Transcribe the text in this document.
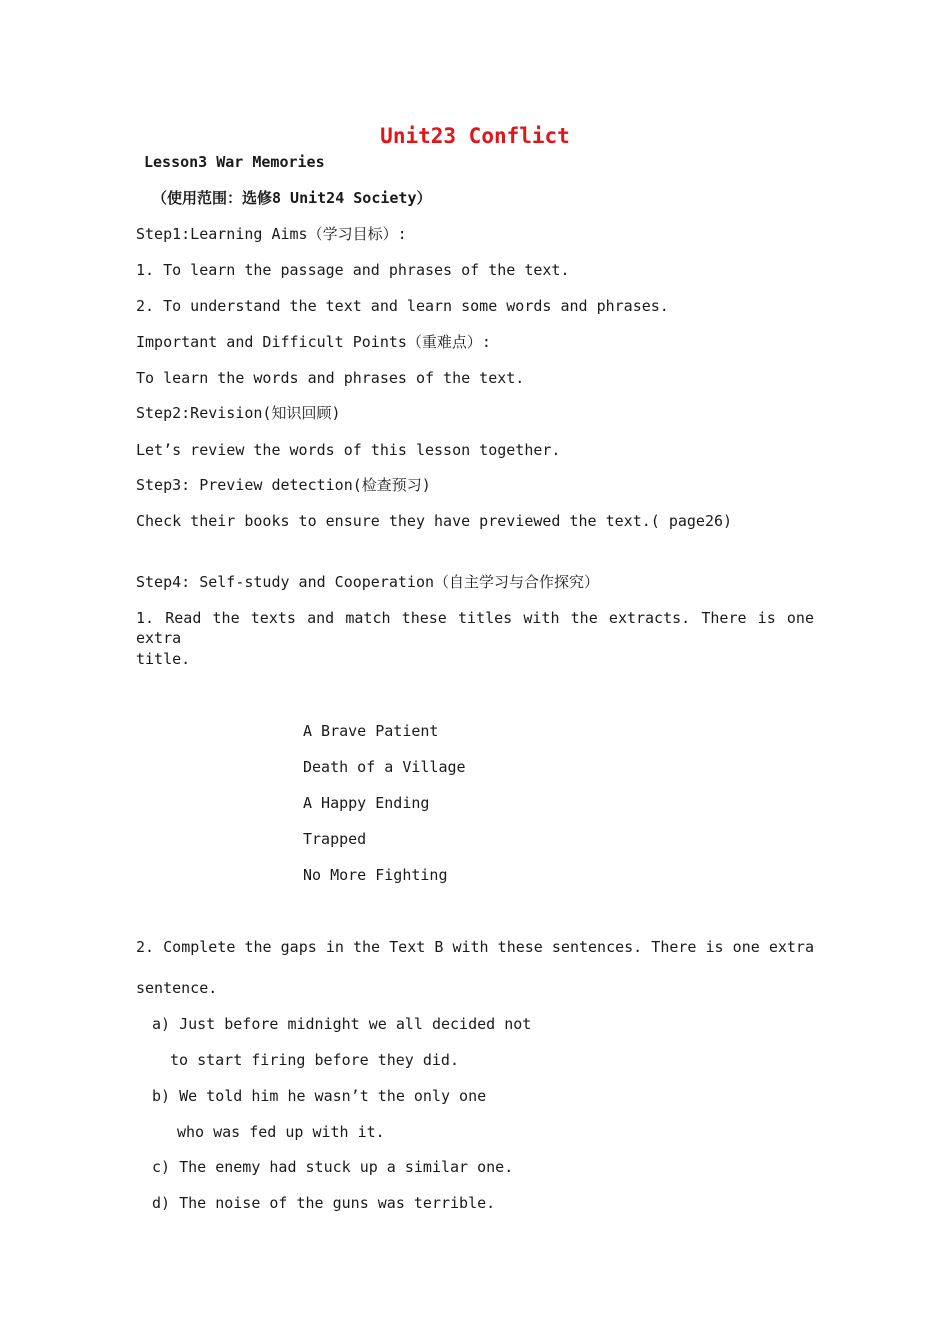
Unit23 Conflict
Lesson3 War Memories
（使用范围：选修8 Unit24 Society）
Step1:Learning Aims（学习目标）:
1. To learn the passage and phrases of the text.
2. To understand the text and learn some words and phrases.
Important and Difficult Points（重难点）:
To learn the words and phrases of the text.
Step2:Revision(知识回顾)
Let’s review the words of this lesson together.
Step3: Preview detection(检查预习)
Check their books to ensure they have previewed the text.( page26)
Step4: Self-study and Cooperation（自主学习与合作探究）
1. Read the texts and match these titles with the extracts. There is one extra
title.
A Brave Patient
Death of a Village
A Happy Ending
Trapped
No More Fighting
2. Complete the gaps in the Text B with these sentences. There is one extra
sentence.
a) Just before midnight we all decided not
to start firing before they did.
b) We told him he wasn’t the only one
who was fed up with it.
c) The enemy had stuck up a similar one.
d) The noise of the guns was terrible.
